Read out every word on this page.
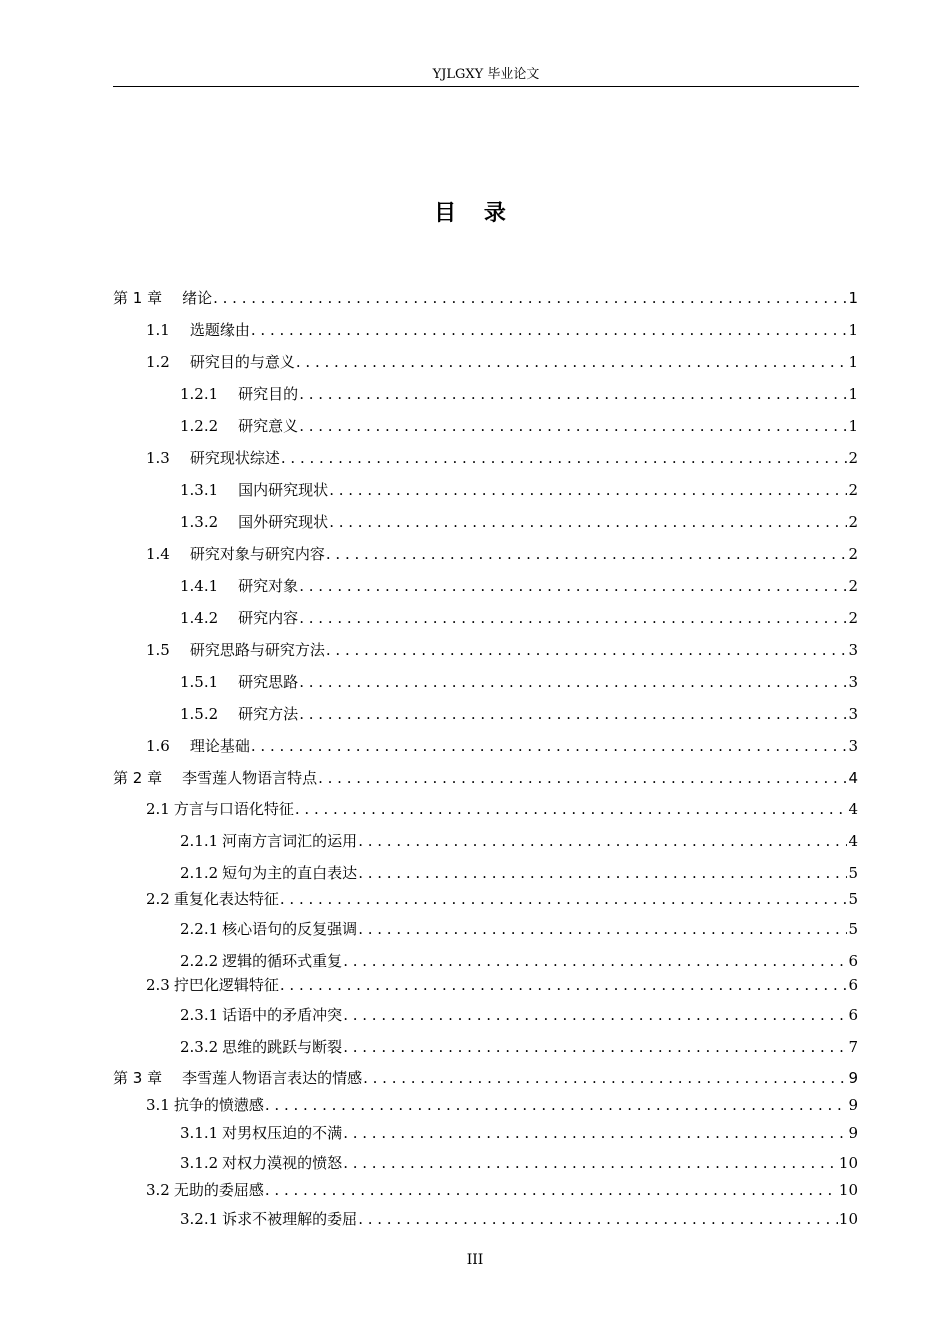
YJLGXY 毕业论文
目 录
第 1 章 绪论 . . .	1
1.1 选题缘由 . . .	1
1.2 研究目的与意义 . . .	1
1.2.1 研究目的 . . .	1
1.2.2 研究意义 . . .	1
1.3 研究现状综述 . . .	2
1.3.1 国内研究现状 . . .	2
1.3.2 国外研究现状 . . .	2
1.4 研究对象与研究内容 . . .	2
1.4.1 研究对象 . . .	2
1.4.2 研究内容 . . .	2
1.5 研究思路与研究方法 . . .	3
1.5.1 研究思路 . . .	3
1.5.2 研究方法 . . .	3
1.6 理论基础 . . .	3
第 2 章 李雪莲人物语言特点 . . .	4
2.1 方言与口语化特征 . . .	4
2.1.1 河南方言词汇的运用 . . .	4
2.1.2 短句为主的直白表达 . . .	5
2.2 重复化表达特征 . . .	5
2.2.1 核心语句的反复强调 . . .	5
2.2.2 逻辑的循环式重复 . . .	6
2.3 拧巴化逻辑特征 . . .	6
2.3.1 话语中的矛盾冲突 . . .	6
2.3.2 思维的跳跃与断裂 . . .	7
第 3 章 李雪莲人物语言表达的情感 . . .	9
3.1 抗争的愤懑感 . . .	9
3.1.1 对男权压迫的不满 . . .	9
3.1.2 对权力漠视的愤怒 . . .	10
3.2 无助的委屈感 . . .	10
3.2.1 诉求不被理解的委屈 . . .	10
III
